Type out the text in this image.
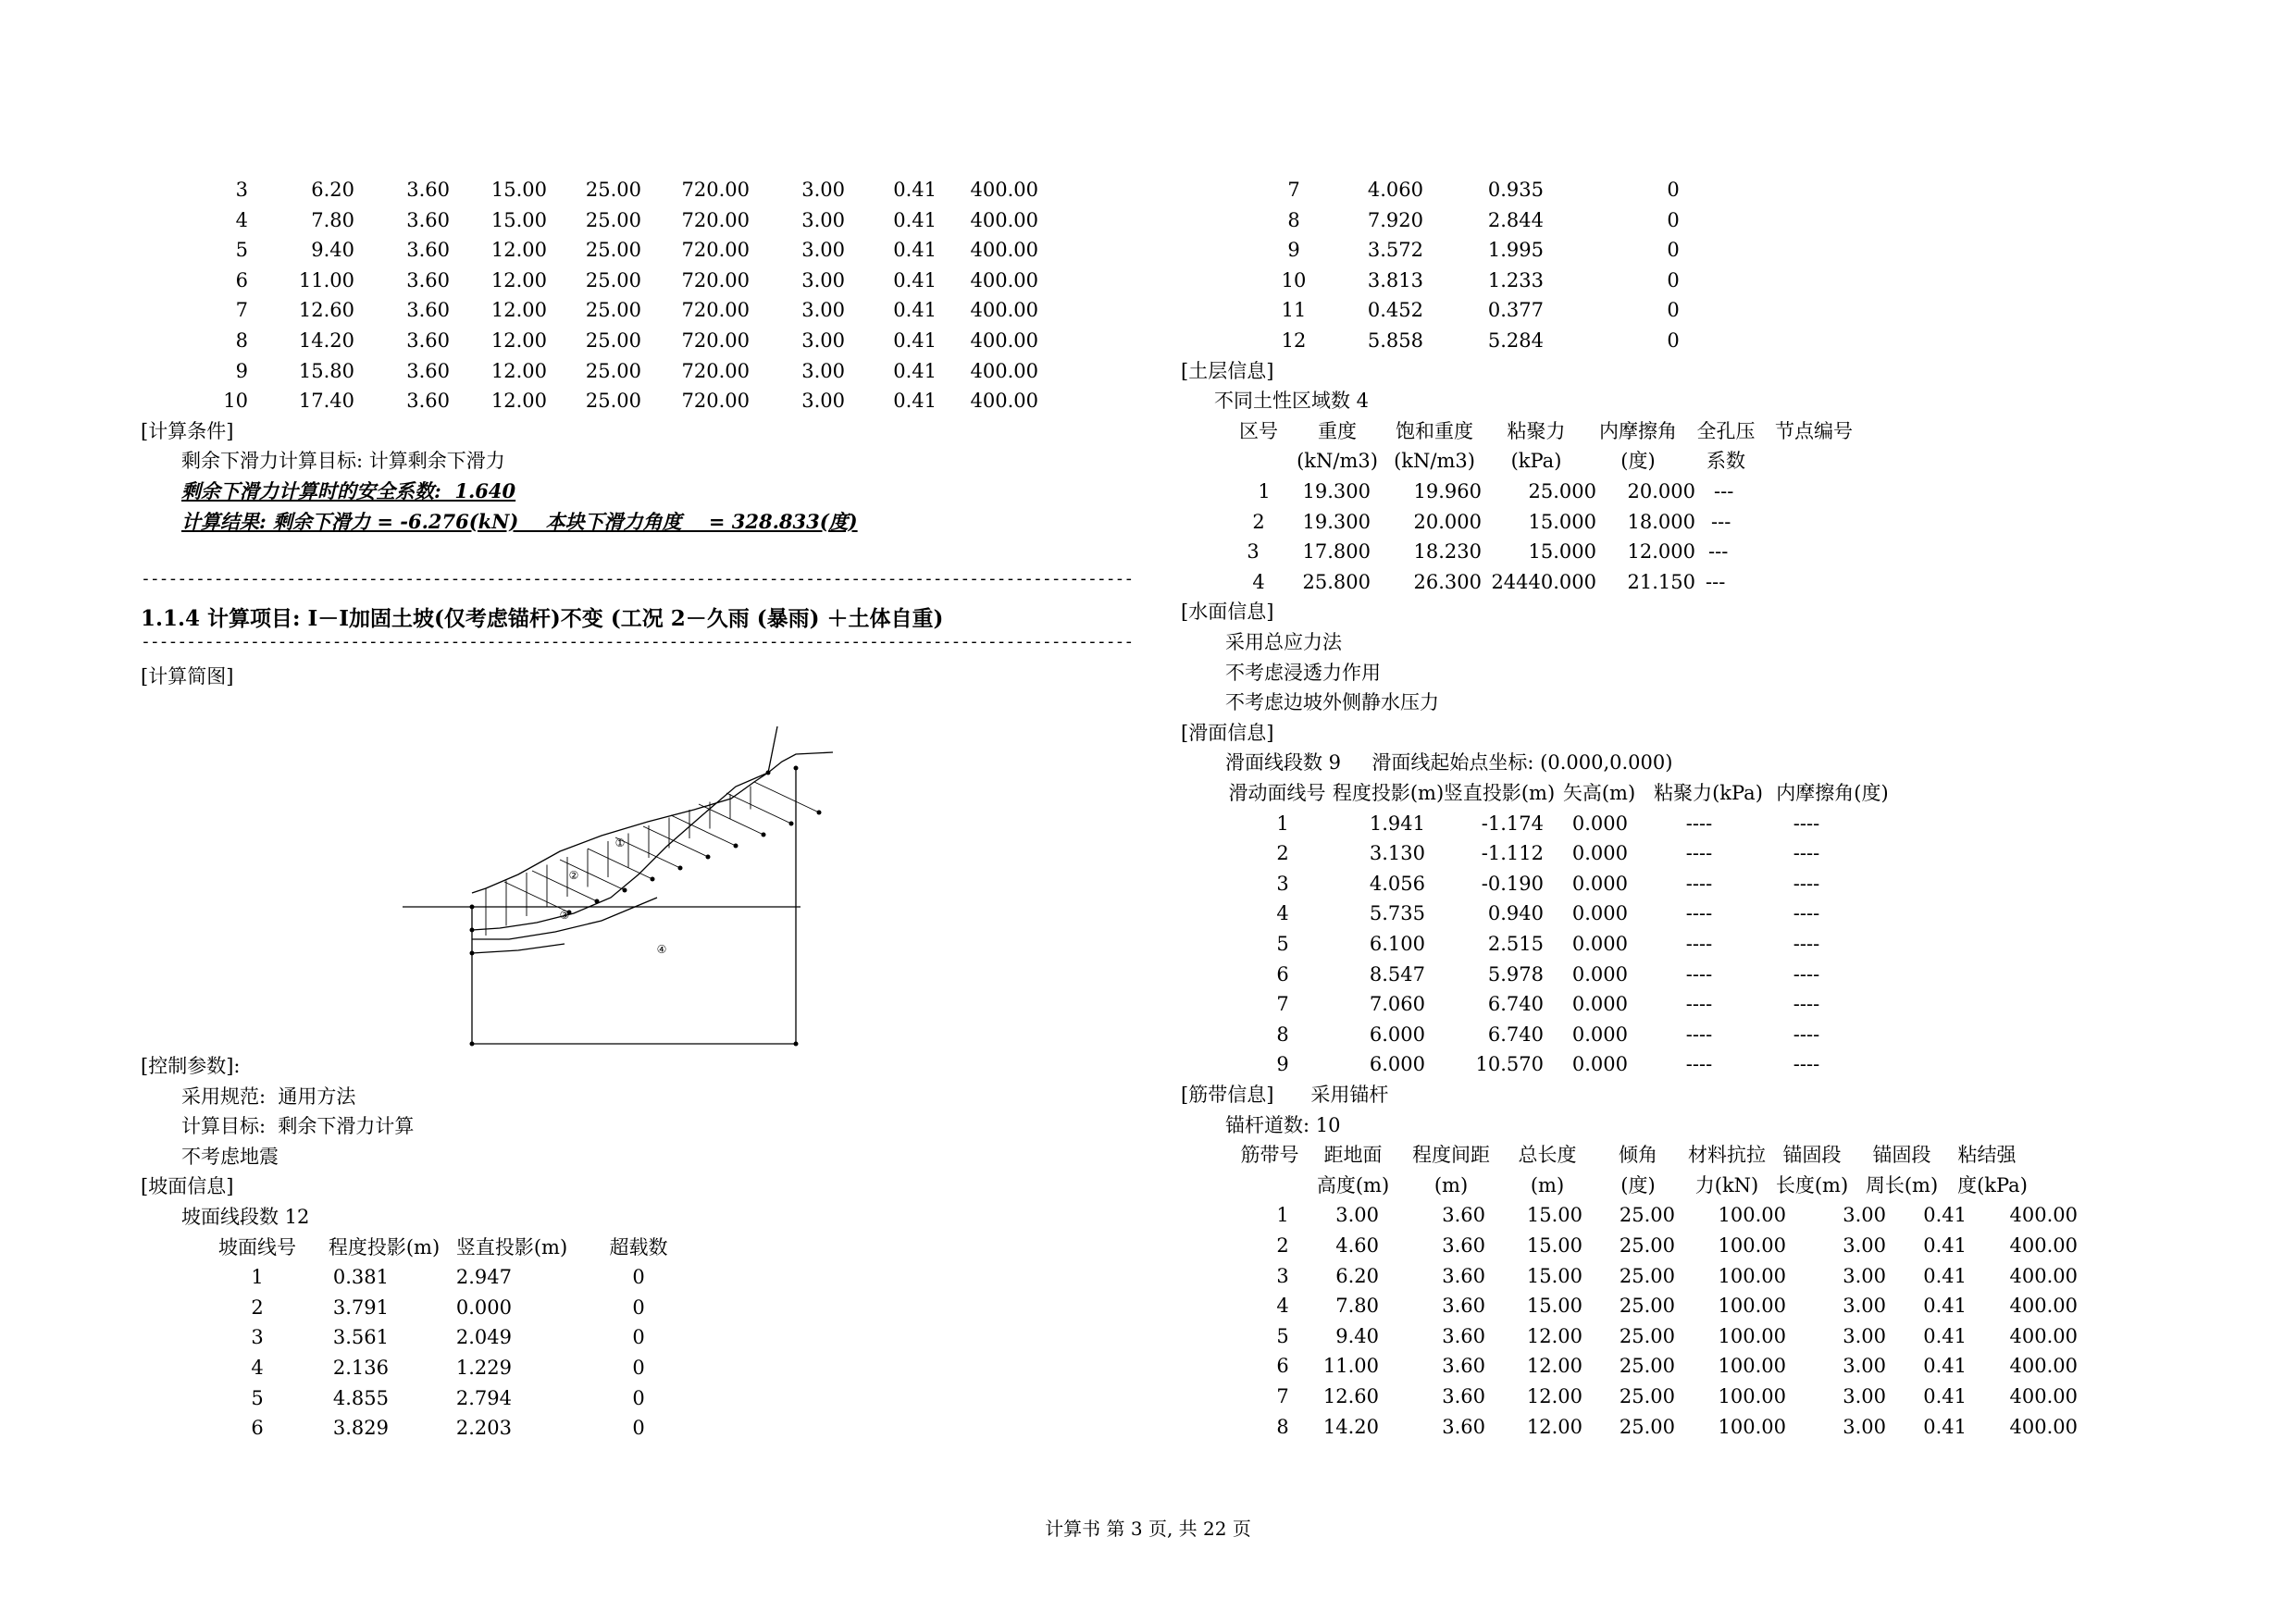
3	6.20	3.60	15.00	25.00	720.00	3.00	0.41	400.00
4	7.80	3.60	15.00	25.00	720.00	3.00	0.41	400.00
5	9.40	3.60	12.00	25.00	720.00	3.00	0.41	400.00
6	11.00	3.60	12.00	25.00	720.00	3.00	0.41	400.00
7	12.60	3.60	12.00	25.00	720.00	3.00	0.41	400.00
8	14.20	3.60	12.00	25.00	720.00	3.00	0.41	400.00
9	15.80	3.60	12.00	25.00	720.00	3.00	0.41	400.00
10	17.40	3.60	12.00	25.00	720.00	3.00	0.41	400.00
[计算条件]
剩余下滑力计算目标: 计算剩余下滑力
剩余下滑力计算时的安全系数:  1.640
计算结果: 剩余下滑力 = -6.276(kN)    本块下滑力角度    = 328.833(度)
-------------------------------------------------------------------------------------------------------------
1.1.4 计算项目: Ⅰ－Ⅰ加固土坡(仅考虑锚杆)不变 (工况 2－久雨 (暴雨) ＋土体自重)
-------------------------------------------------------------------------------------------------------------
[计算简图]
①
②
③
④
[控制参数]:
采用规范:  通用方法
计算目标:  剩余下滑力计算
不考虑地震
[坡面信息]
坡面线段数 12
坡面线号	程度投影(m) 竖直投影(m)	超载数
1	0.381	2.947	0
2	3.791	0.000	0
3	3.561	2.049	0
4	2.136	1.229	0
5	4.855	2.794	0
6	3.829	2.203	0
7	4.060	0.935	0
8	7.920	2.844	0
9	3.572	1.995	0
10	3.813	1.233	0
11	0.452	0.377	0
12	5.858	5.284	0
[土层信息]
不同土性区域数 4
区号	重度	饱和重度	粘聚力	内摩擦角	全孔压	节点编号
(kN/m3) (kN/m3)	(kPa)	(度)	系数
1	19.300	19.960	25.000	20.000 ---
2	19.300	20.000	15.000	18.000 ---
3	17.800	18.230	15.000	12.000 ---
4	25.800	26.300 24440.000	21.150 ---
[水面信息]
采用总应力法
不考虑浸透力作用
不考虑边坡外侧静水压力
[滑面信息]
滑面线段数 9     滑面线起始点坐标: (0.000,0.000)
滑动面线号 程度投影(m) 竖直投影(m) 矢高(m) 粘聚力(kPa) 内摩擦角(度)
1	1.941	-1.174	0.000	----	----
2	3.130	-1.112	0.000	----	----
3	4.056	-0.190	0.000	----	----
4	5.735	0.940	0.000	----	----
5	6.100	2.515	0.000	----	----
6	8.547	5.978	0.000	----	----
7	7.060	6.740	0.000	----	----
8	6.000	6.740	0.000	----	----
9	6.000	10.570	0.000	----	----
[筋带信息]      采用锚杆
锚杆道数: 10
筋带号	距地面	程度间距	总长度	倾角	材料抗拉 锚固段	锚固段	粘结强
高度(m)	(m)	(m)	(度)	力(kN) 长度(m) 周长(m) 度(kPa)
1	3.00	3.60	15.00	25.00	100.00	3.00	0.41	400.00
2	4.60	3.60	15.00	25.00	100.00	3.00	0.41	400.00
3	6.20	3.60	15.00	25.00	100.00	3.00	0.41	400.00
4	7.80	3.60	15.00	25.00	100.00	3.00	0.41	400.00
5	9.40	3.60	12.00	25.00	100.00	3.00	0.41	400.00
6	11.00	3.60	12.00	25.00	100.00	3.00	0.41	400.00
7	12.60	3.60	12.00	25.00	100.00	3.00	0.41	400.00
8	14.20	3.60	12.00	25.00	100.00	3.00	0.41	400.00
计算书 第 3 页, 共 22 页
